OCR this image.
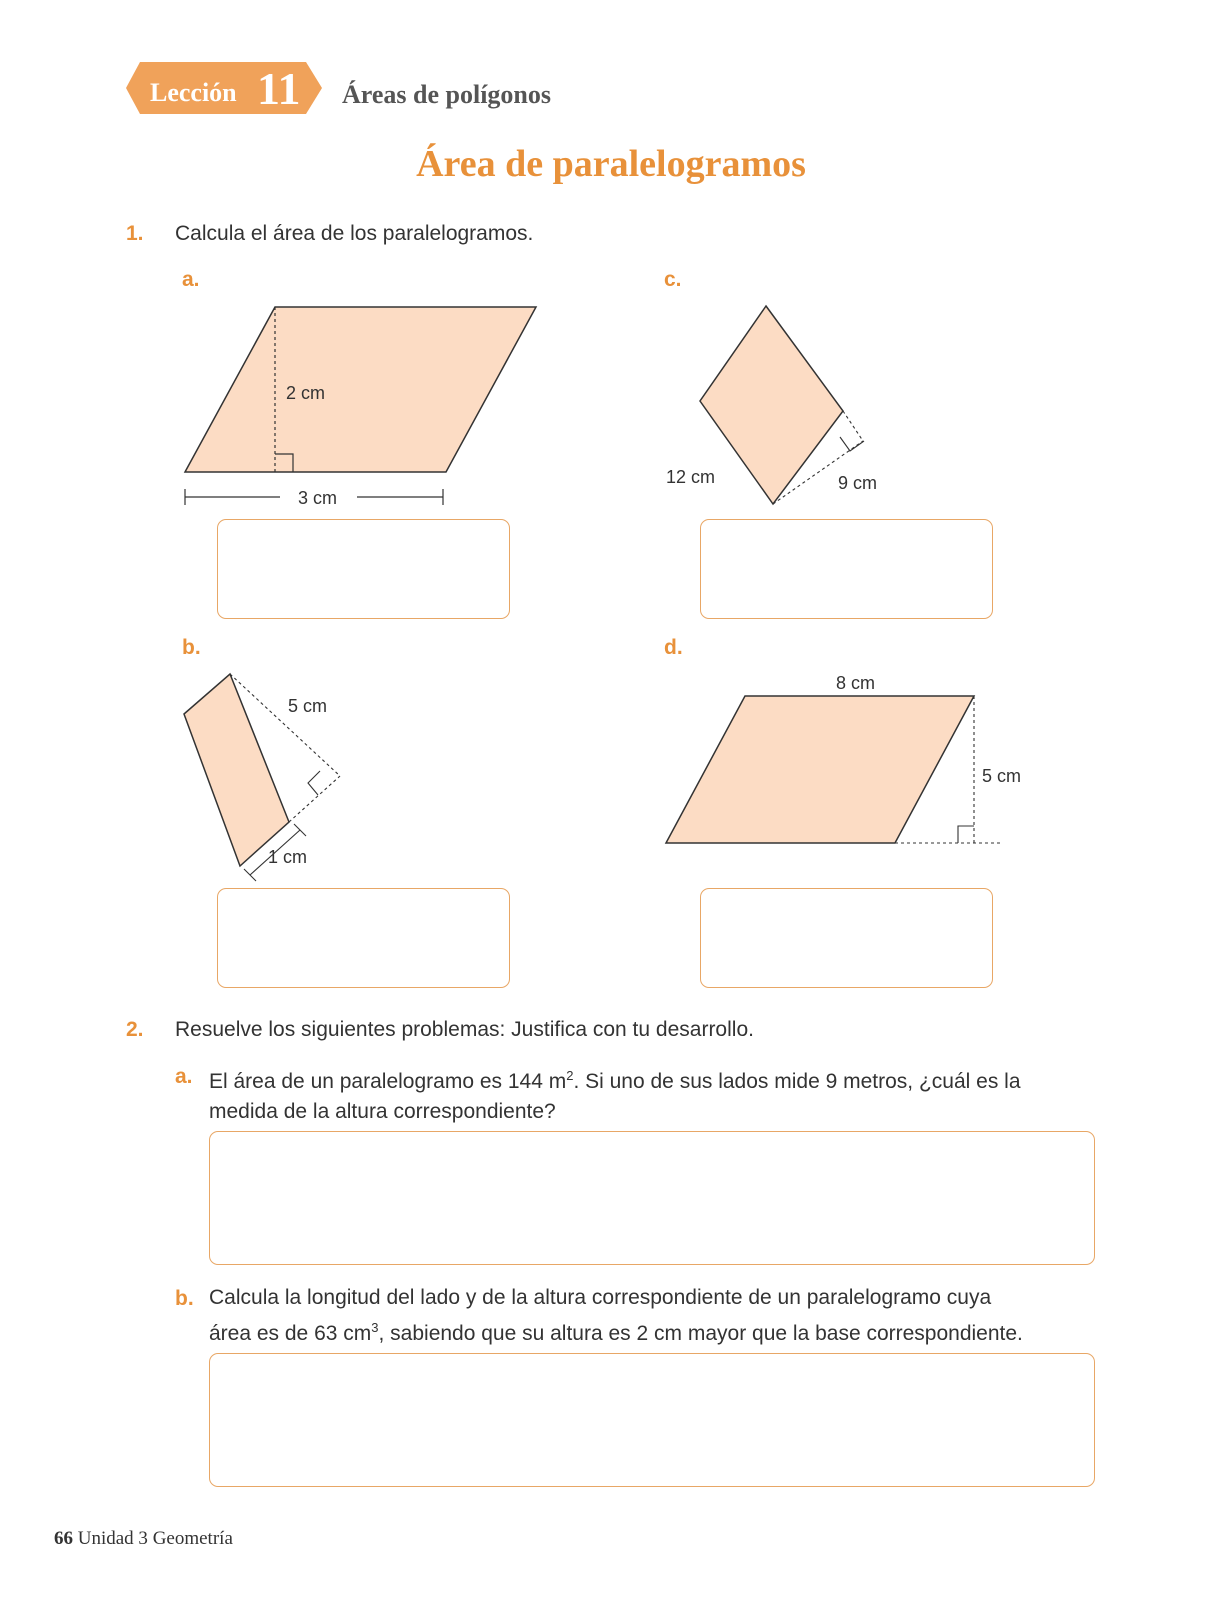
Lección 11 Áreas de polígonos
Área de paralelogramos
1. Calcula el área de los paralelogramos.
a.
2 cm
3 cm
5 cm
1 cm
12 cm	9 cm
8 cm
5 cm
b.
c.
d.
2. Resuelve los siguientes problemas: Justifica con tu desarrollo.
a. El área de un paralelogramo es 144 $m^2$. Si uno de sus lados mide 9 metros, ¿cuál es la
medida de la altura correspondiente?
b. Calcula la longitud del lado y de la altura correspondiente de un paralelogramo cuya
área es de 63 $cm^3$, sabiendo que su altura es 2 cm mayor que la base correspondiente.
66 Unidad 3 Geometría
